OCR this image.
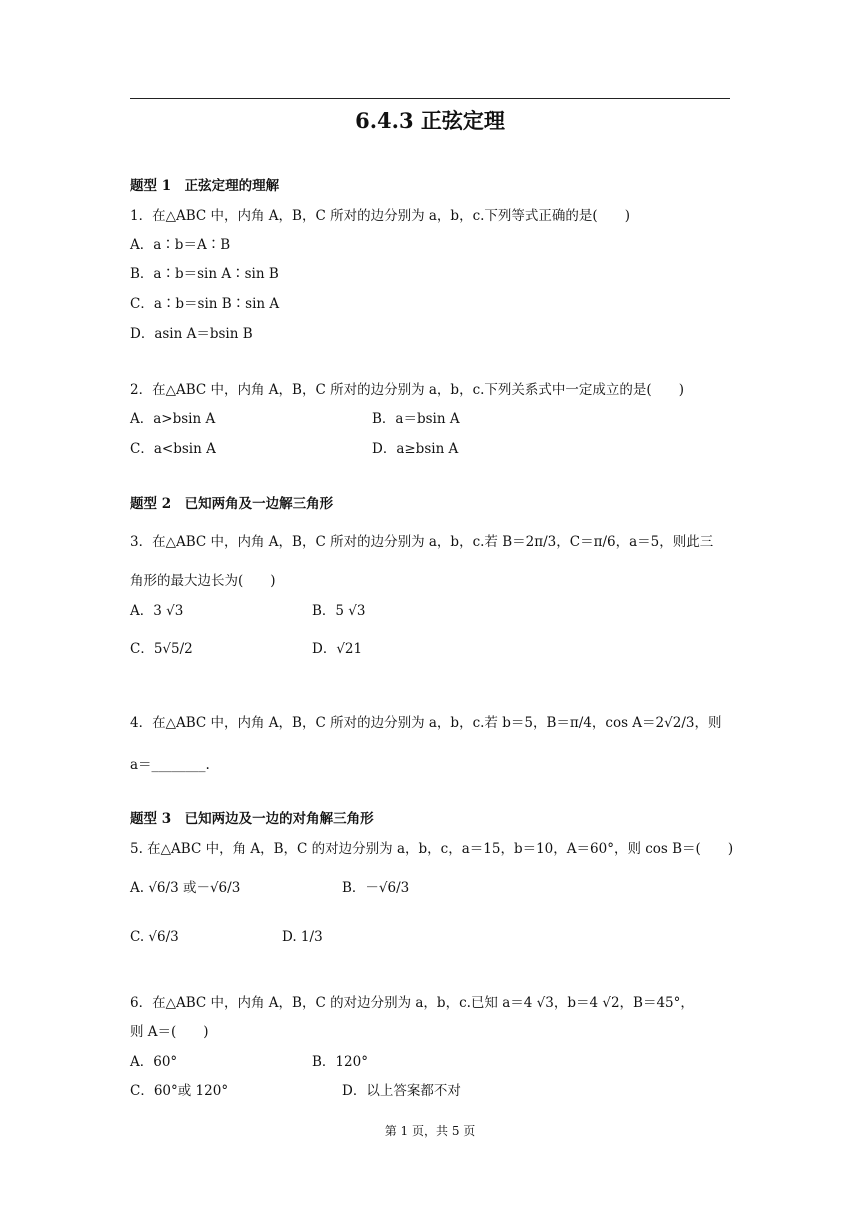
6.4.3 正弦定理
题型 1　正弦定理的理解
1．在△ABC 中，内角 A，B，C 所对的边分别为 a，b，c.下列等式正确的是(　　)
A．a∶b＝A∶B
B．a∶b＝sin A∶sin B
C．a∶b＝sin B∶sin A
D．asin A＝bsin B
2．在△ABC 中，内角 A，B，C 所对的边分别为 a，b，c.下列关系式中一定成立的是(　　)
A．a>bsin A	B．a＝bsin A
C．a<bsin A	D．a≥bsin A
题型 2　已知两角及一边解三角形
3．在△ABC 中，内角 A，B，C 所对的边分别为 a，b，c.若 B＝2π/3，C＝π/6，a＝5，则此三
角形的最大边长为(　　)
A．3 √3	B．5 √3
C．5√5/2	D．√21
4．在△ABC 中，内角 A，B，C 所对的边分别为 a，b，c.若 b＝5，B＝π/4，cos A＝2√2/3，则
a＝________.
题型 3　已知两边及一边的对角解三角形
5. 在△ABC 中，角 A，B，C 的对边分别为 a，b，c，a＝15，b＝10，A＝60°，则 cos B＝(　　)
A. √6/3 或－√6/3	B．－√6/3
C. √6/3	D. 1/3
6．在△ABC 中，内角 A，B，C 的对边分别为 a，b，c.已知 a＝4 √3，b＝4 √2，B＝45°，
则 A＝(　　)
A．60°	B．120°
C．60°或 120°	D．以上答案都不对
第 1 页，共 5 页
